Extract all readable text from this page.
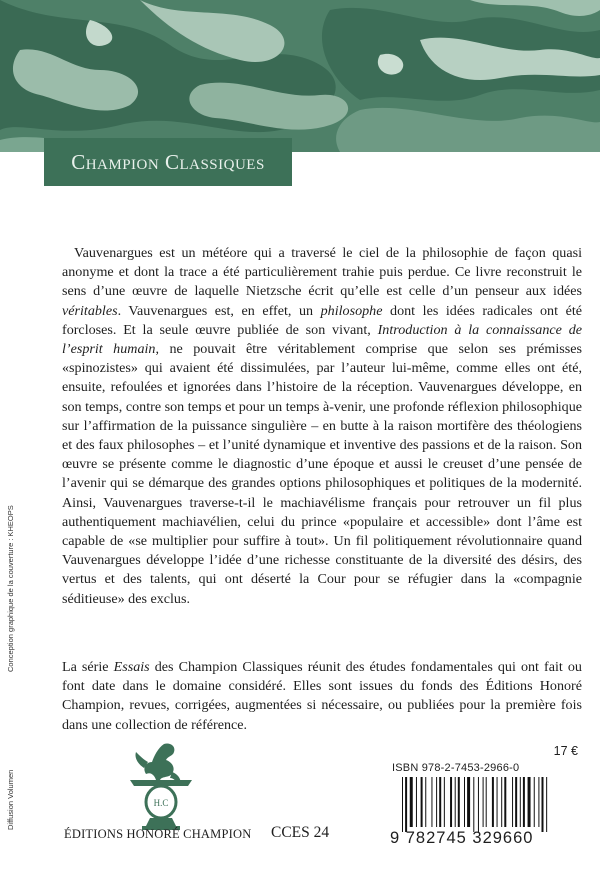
Champion Classiques
Vauvenargues est un météore qui a traversé le ciel de la philosophie de façon quasi anonyme et dont la trace a été particulièrement trahie puis perdue. Ce livre reconstruit le sens d’une œuvre de laquelle Nietzsche écrit qu’elle est celle d’un penseur aux idées véritables. Vauvenargues est, en effet, un philosophe dont les idées radicales ont été forcloses. Et la seule œuvre publiée de son vivant, Introduction à la connaissance de l’esprit humain, ne pouvait être véritablement comprise que selon ses prémisses «spinozistes» qui avaient été dissimulées, par l’auteur lui-même, comme elles ont été, ensuite, refoulées et ignorées dans l’histoire de la réception. Vauvenargues développe, en son temps, contre son temps et pour un temps à-venir, une profonde réflexion philosophique sur l’affirmation de la puissance singulière – en butte à la raison mortifère des théologiens et des faux philosophes – et l’unité dynamique et inventive des passions et de la raison. Son œuvre se présente comme le diagnostic d’une époque et aussi le creuset d’une pensée de l’avenir qui se démarque des grandes options philosophiques et politiques de la modernité. Ainsi, Vauvenargues traverse-t-il le machiavélisme français pour retrouver un fil plus authentiquement machiavélien, celui du prince «populaire et accessible» dont l’âme est capable de «se multiplier pour suffire à tout». Un fil politiquement révolutionnaire quand Vauvenargues développe l’idée d’une richesse constituante de la diversité des désirs, des vertus et des talents, qui ont déserté la Cour pour se réfugier dans la «compagnie séditieuse» des exclus.
La série Essais des Champion Classiques réunit des études fondamentales qui ont fait ou font date dans le domaine considéré. Elles sont issues du fonds des Éditions Honoré Champion, revues, corrigées, augmentées si nécessaire, ou publiées pour la première fois dans une collection de référence.
Conception graphique de la couverture : KHEOPS
Diffusion Volumen	H.C
ÉDITIONS HONORÉ CHAMPION CCES 24
17 €
ISBN 978-2-7453-2966-0
9 782745 329660
